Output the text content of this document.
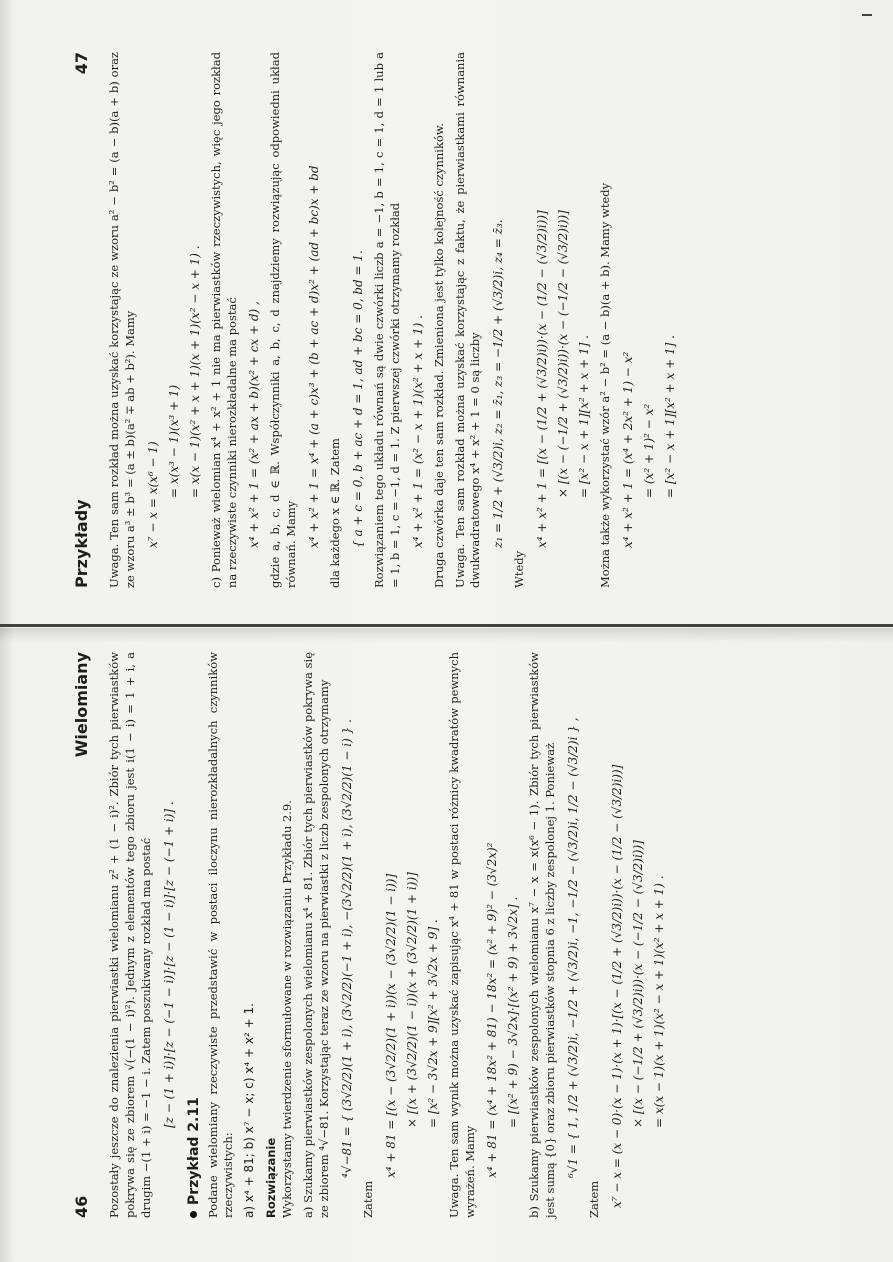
Przykłady
47 Uwaga. Ten sam rozkład można uzyskać korzystając ze wzoru a² − b² = (a − b)(a + b) oraz ze wzoru a³ ± b³ = (a ± b)(a² ∓ ab + b²). Mamy x⁷ − x = x(x⁶ − 1) = x(x³ − 1)(x³ + 1) = x(x − 1)(x² + x + 1)(x + 1)(x² − x + 1) . c) Ponieważ wielomian x⁴ + x² + 1 nie ma pierwiastków rzeczywistych, więc jego rozkład na rzeczywiste czynniki nierozkładalne ma postać x⁴ + x² + 1 = (x² + ax + b)(x² + cx + d) , gdzie a, b, c, d ∈ ℝ. Współczynniki a, b, c, d znajdziemy rozwiązując odpowiedni układ równań. Mamy x⁴ + x² + 1 = x⁴ + (a + c)x³ + (b + ac + d)x² + (ad + bc)x + bd dla każdego x ∈ ℝ. Zatem { a + c = 0, b + ac + d = 1, ad + bc = 0, bd = 1. Rozwiązaniem tego układu równań są dwie czwórki liczb a = −1, b = 1, c = 1, d = 1 lub a = 1, b = 1, c = −1, d = 1. Z pierwszej czwórki otrzymamy rozkład x⁴ + x² + 1 = (x² − x + 1)(x² + x + 1) . Druga czwórka daje ten sam rozkład. Zmieniona jest tylko kolejność czynników. Uwaga. Ten sam rozkład można uzyskać korzystając z faktu, że pierwiastkami równania dwukwadratowego x⁴ + x² + 1 = 0 są liczby z₁ = 1/2 + (√3/2)i, z₂ = z̄₁, z₃ = −1/2 + (√3/2)i, z₄ = z̄₃.

Wtedy

x⁴ + x² + 1 = [(x − (1/2 + (√3/2)i))·(x − (1/2 − (√3/2)i))] × [(x − (−1/2 + (√3/2)i))·(x − (−1/2 − (√3/2)i))] = [x² − x + 1][x² + x + 1] . Można także wykorzystać wzór a² − b² = (a − b)(a + b). Mamy wtedy x⁴ + x² + 1 = (x⁴ + 2x² + 1) − x² = (x² + 1)² − x² = [x² − x + 1][x² + x + 1] .
46
Wielomiany Pozostały jeszcze do znalezienia pierwiastki wielomianu z² + (1 − i)². Zbiór tych pierwiastków pokrywa się ze zbiorem √(−(1 − i)²). Jednym z elementów tego zbioru jest i(1 − i) = 1 + i, a drugim −(1 + i) = −1 − i. Zatem poszukiwany rozkład ma postać [z − (1 + i)]·[z − (−1 − i)]·[z − (1 − i)]·[z − (−1 + i)] .
Przykład 2.11 Podane wielomiany rzeczywiste przedstawić w postaci iloczynu nierozkładalnych czynników rzeczywistych: a) x⁴ + 81; b) x⁷ − x; c) x⁴ + x² + 1. Rozwiązanie Wykorzystamy twierdzenie sformułowane w rozwiązaniu Przykładu 2.9. a) Szukamy pierwiastków zespolonych wielomianu x⁴ + 81. Zbiór tych pierwiastków pokrywa się ze zbiorem ⁴√−81. Korzystając teraz ze wzoru na pierwiastki z liczb zespolonych otrzymamy ⁴√−81 = { (3√2/2)(1 + i), (3√2/2)(−1 + i), −(3√2/2)(1 + i), (3√2/2)(1 − i) } .

Zatem

x⁴ + 81 = [(x − (3√2/2)(1 + i))(x − (3√2/2)(1 − i))] × [(x + (3√2/2)(1 − i))(x + (3√2/2)(1 + i))] = [x² − 3√2x + 9][x² + 3√2x + 9] . Uwaga. Ten sam wynik można uzyskać zapisując x⁴ + 81 w postaci różnicy kwadratów pewnych wyrażeń. Mamy x⁴ + 81 = (x⁴ + 18x² + 81) − 18x² = (x² + 9)² − (3√2x)² = [(x² + 9) − 3√2x]·[(x² + 9) + 3√2x] . b) Szukamy pierwiastków zespolonych wielomianu x⁷ − x = x(x⁶ − 1). Zbiór tych pierwiastków jest sumą {0} oraz zbioru pierwiastków stopnia 6 z liczby zespolonej 1. Ponieważ ⁶√1 = { 1, 1/2 + (√3/2)i, −1/2 + (√3/2)i, −1, −1/2 − (√3/2)i, 1/2 − (√3/2)i } ,

Zatem x⁷ − x = (x − 0)·(x − 1)·(x + 1)·[(x − (1/2 + (√3/2)i))·(x − (1/2 − (√3/2)i))] × [(x − (−1/2 + (√3/2)i))·(x − (−1/2 − (√3/2)i))] = x(x − 1)(x + 1)(x² − x + 1)(x² + x + 1) .
